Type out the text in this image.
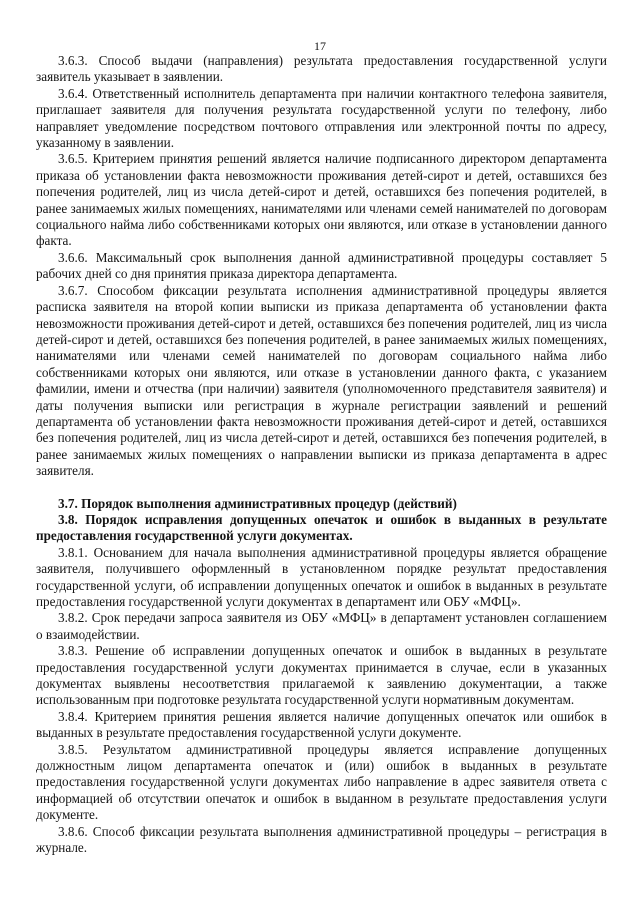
17

3.6.3. Способ выдачи (направления) результата предоставления государственной услуги заявитель указывает в заявлении.

3.6.4. Ответственный исполнитель департамента при наличии контактного телефона заявителя, приглашает заявителя для получения результата государственной услуги по телефону, либо направляет уведомление посредством почтового отправления или электронной почты по адресу, указанному в заявлении.

3.6.5. Критерием принятия решений является наличие подписанного директором департамента приказа об установлении факта невозможности проживания детей-сирот и детей, оставшихся без попечения родителей, лиц из числа детей-сирот и детей, оставшихся без попечения родителей, в ранее занимаемых жилых помещениях, нанимателями или членами семей нанимателей по договорам социального найма либо собственниками которых они являются, или отказе в установлении данного факта.

3.6.6. Максимальный срок выполнения данной административной процедуры составляет 5 рабочих дней со дня принятия приказа директора департамента.

3.6.7. Способом фиксации результата исполнения административной процедуры является расписка заявителя на второй копии выписки из приказа департамента об установлении факта невозможности проживания детей-сирот и детей, оставшихся без попечения родителей, лиц из числа детей-сирот и детей, оставшихся без попечения родителей, в ранее занимаемых жилых помещениях, нанимателями или членами семей нанимателей по договорам социального найма либо собственниками которых они являются, или отказе в установлении данного факта, с указанием фамилии, имени и отчества (при наличии) заявителя (уполномоченного представителя заявителя) и даты получения выписки или регистрация в журнале регистрации заявлений и решений департамента об установлении факта невозможности проживания детей-сирот и детей, оставшихся без попечения родителей, лиц из числа детей-сирот и детей, оставшихся без попечения родителей, в ранее занимаемых жилых помещениях о направлении выписки из приказа департамента в адрес заявителя.

3.7. Порядок выполнения административных процедур (действий)

3.8. Порядок исправления допущенных опечаток и ошибок в выданных в результате предоставления государственной услуги документах.

3.8.1. Основанием для начала выполнения административной процедуры является обращение заявителя, получившего оформленный в установленном порядке результат предоставления государственной услуги, об исправлении допущенных опечаток и ошибок в выданных в результате предоставления государственной услуги документах в департамент или ОБУ «МФЦ».

3.8.2. Срок передачи запроса заявителя из ОБУ «МФЦ» в департамент установлен соглашением о взаимодействии.

3.8.3. Решение об исправлении допущенных опечаток и ошибок в выданных в результате предоставления государственной услуги документах принимается в случае, если в указанных документах выявлены несоответствия прилагаемой к заявлению документации, а также использованным при подготовке результата государственной услуги нормативным документам.

3.8.4. Критерием принятия решения является наличие допущенных опечаток или ошибок в выданных в результате предоставления государственной услуги документе.

3.8.5. Результатом административной процедуры является исправление допущенных должностным лицом департамента опечаток и (или) ошибок в выданных в результате предоставления государственной услуги документах либо направление в адрес заявителя ответа с информацией об отсутствии опечаток и ошибок в выданном в результате предоставления услуги документе.

3.8.6. Способ фиксации результата выполнения административной процедуры – регистрация в журнале.
